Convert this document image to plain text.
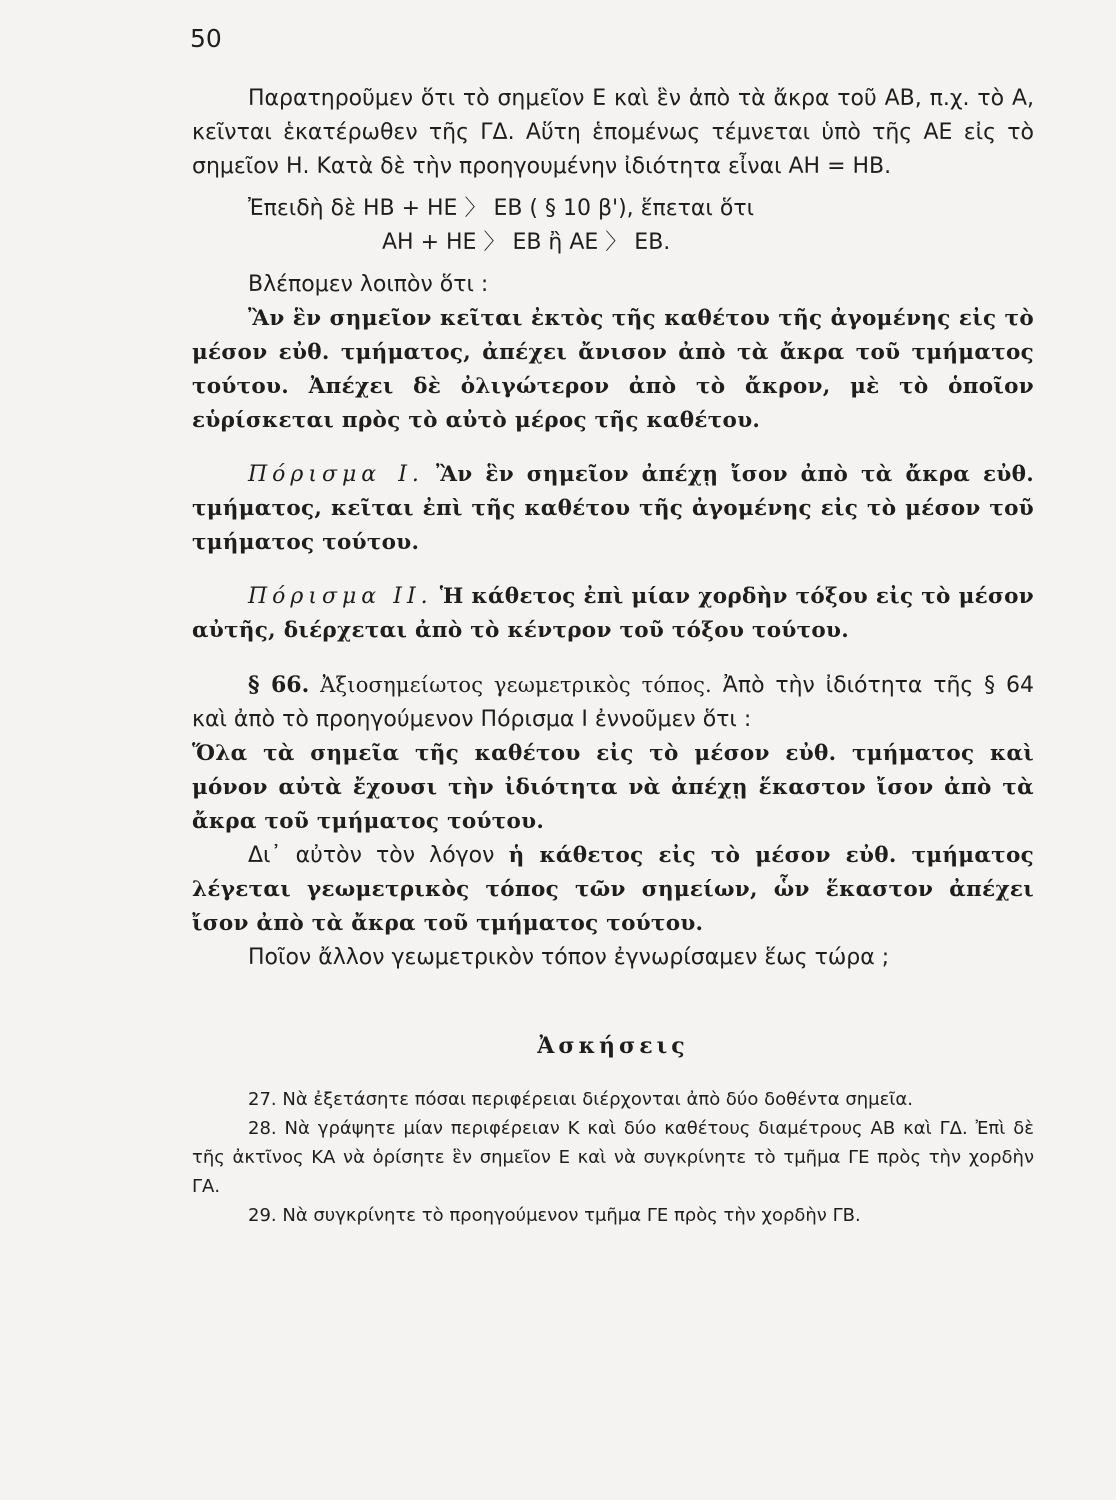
50

Παρατηροῦμεν ὅτι τὸ σημεῖον Ε καὶ ἓν ἀπὸ τὰ ἄκρα τοῦ ΑΒ, π.χ. τὸ Α, κεῖνται ἑκατέρωθεν τῆς ΓΔ. Αὕτη ἑπομένως τέμνεται ὑπὸ τῆς ΑΕ εἰς τὸ σημεῖον Η. Κατὰ δὲ τὴν προηγουμένην ἰδιότητα εἶναι ΑΗ = ΗΒ.

Ἐπειδὴ δὲ ΗΒ + ΗΕ 〉 ΕΒ ( § 10 β'), ἕπεται ὅτι

ΑΗ + ΗΕ 〉 ΕΒ ἢ ΑΕ 〉 ΕΒ.

Βλέπομεν λοιπὸν ὅτι :

Ἂν ἓν σημεῖον κεῖται ἐκτὸς τῆς καθέτου τῆς ἀγομένης εἰς τὸ μέσον εὐθ. τμήματος, ἀπέχει ἄνισον ἀπὸ τὰ ἄκρα τοῦ τμήματος τούτου. Ἀπέχει δὲ ὀλιγώτερον ἀπὸ τὸ ἄκρον, μὲ τὸ ὁποῖον εὑρίσκεται πρὸς τὸ αὐτὸ μέρος τῆς καθέτου.

Πόρισμα Ι. Ἂν ἓν σημεῖον ἀπέχῃ ἴσον ἀπὸ τὰ ἄκρα εὐθ. τμήματος, κεῖται ἐπὶ τῆς καθέτου τῆς ἀγομένης εἰς τὸ μέσον τοῦ τμήματος τούτου.

Πόρισμα ΙΙ. Ἡ κάθετος ἐπὶ μίαν χορδὴν τόξου εἰς τὸ μέσον αὐτῆς, διέρχεται ἀπὸ τὸ κέντρον τοῦ τόξου τούτου.

§ 66. Ἀξιοσημείωτος γεωμετρικὸς τόπος. Ἀπὸ τὴν ἰδιότητα τῆς § 64 καὶ ἀπὸ τὸ προηγούμενον Πόρισμα Ι ἐννοῦμεν ὅτι :

Ὅλα τὰ σημεῖα τῆς καθέτου εἰς τὸ μέσον εὐθ. τμήματος καὶ μόνον αὐτὰ ἔχουσι τὴν ἰδιότητα νὰ ἀπέχῃ ἕκαστον ἴσον ἀπὸ τὰ ἄκρα τοῦ τμήματος τούτου.

Δι᾽ αὐτὸν τὸν λόγον ἡ κάθετος εἰς τὸ μέσον εὐθ. τμήματος λέγεται γεωμετρικὸς τόπος τῶν σημείων, ὧν ἕκαστον ἀπέχει ἴσον ἀπὸ τὰ ἄκρα τοῦ τμήματος τούτου.

Ποῖον ἄλλον γεωμετρικὸν τόπον ἐγνωρίσαμεν ἕως τώρα ;

Ἀσκήσεις

27. Νὰ ἐξετάσητε πόσαι περιφέρειαι διέρχονται ἀπὸ δύο δοθέντα σημεῖα.

28. Νὰ γράψητε μίαν περιφέρειαν Κ καὶ δύο καθέτους διαμέτρους ΑΒ καὶ ΓΔ. Ἐπὶ δὲ τῆς ἀκτῖνος ΚΑ νὰ ὁρίσητε ἓν σημεῖον Ε καὶ νὰ συγκρίνητε τὸ τμῆμα ΓΕ πρὸς τὴν χορδὴν ΓΑ.

29. Νὰ συγκρίνητε τὸ προηγούμενον τμῆμα ΓΕ πρὸς τὴν χορδὴν ΓΒ.
